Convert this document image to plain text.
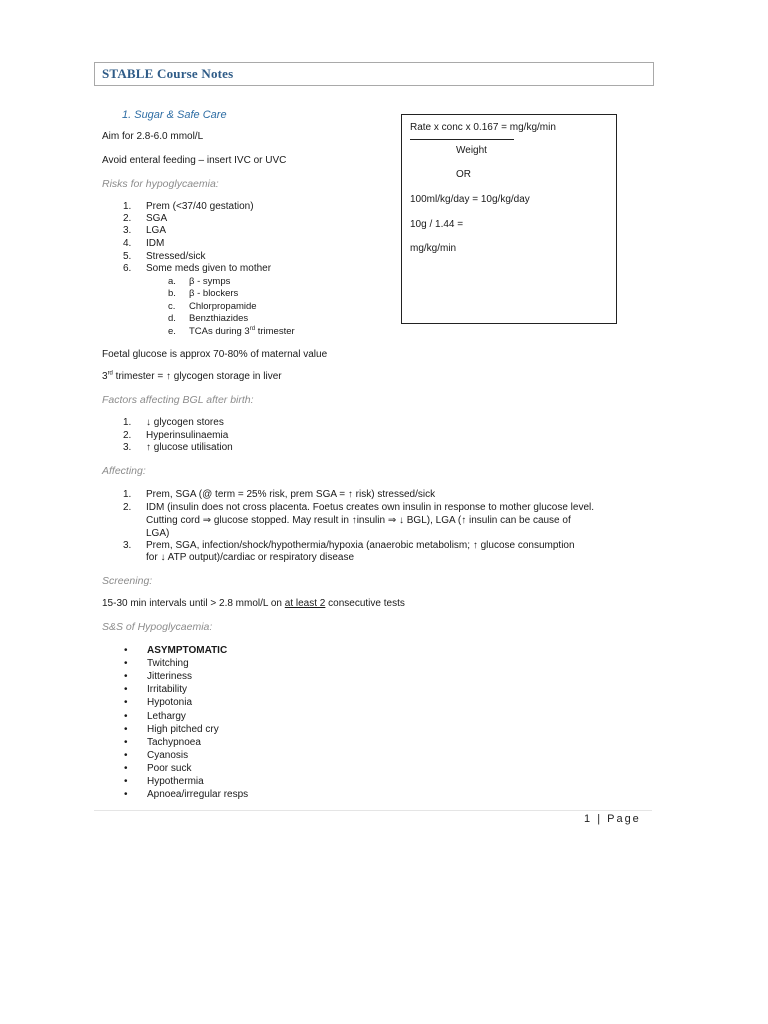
STABLE Course Notes
1. Sugar & Safe Care
Aim for 2.8-6.0 mmol/L
Avoid enteral feeding – insert IVC or UVC
Risks for hypoglycaemia:
1. Prem (<37/40 gestation)
2. SGA
3. LGA
4. IDM
5. Stressed/sick
6. Some meds given to mother
a. β - symps
b. β - blockers
c. Chlorpropamide
d. Benzthiazides
e. TCAs during 3rd trimester
Foetal glucose is approx 70-80% of maternal value
3rd trimester = ↑ glycogen storage in liver
Factors affecting BGL after birth:
1. ↓ glycogen stores
2. Hyperinsulinaemia
3. ↑ glucose utilisation
Affecting:
1. Prem, SGA (@ term = 25% risk, prem SGA = ↑ risk) stressed/sick
2. IDM (insulin does not cross placenta. Foetus creates own insulin in response to mother glucose level.
Cutting cord ⇒ glucose stopped. May result in ↑insulin ⇒ ↓ BGL), LGA (↑ insulin can be cause of
LGA)
3. Prem, SGA, infection/shock/hypothermia/hypoxia (anaerobic metabolism; ↑ glucose consumption
for ↓ ATP output)/cardiac or respiratory disease
Screening:
15-30 min intervals until > 2.8 mmol/L on at least 2 consecutive tests
S&S of Hypoglycaemia:
• ASYMPTOMATIC
• Twitching
• Jitteriness
• Irritability
• Hypotonia
• Lethargy
• High pitched cry
• Tachypnoea
• Cyanosis
• Poor suck
• Hypothermia
• Apnoea/irregular resps
Rate x conc x 0.167 = mg/kg/min
Weight
OR
100ml/kg/day = 10g/kg/day
10g / 1.44 =
mg/kg/min
1 | Page
